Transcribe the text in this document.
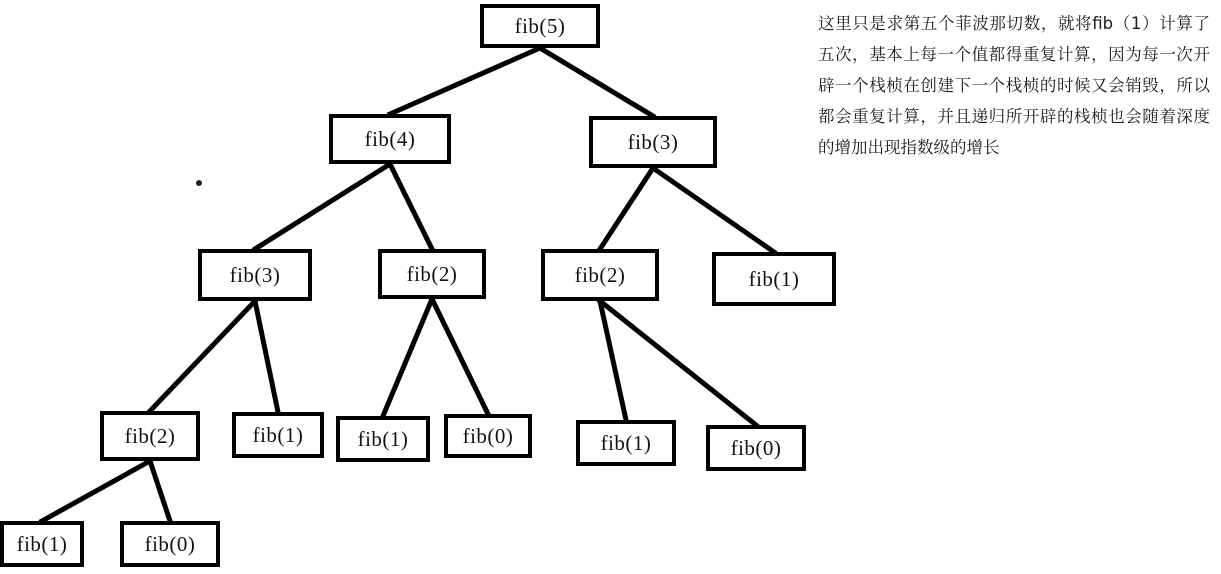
fib(5)
fib(4)	fib(3)
fib(3)	fib(2)	fib(2)	fib(1)
fib(2)	fib(1)	fib(1)	fib(0)	fib(1)	fib(0)
fib(1)	fib(0)
这里只是求第五个菲波那切数，就将fib（1）计算了五次，基本上每一个值都得重复计算，因为每一次开辟一个栈桢在创建下一个栈桢的时候又会销毁，所以都会重复计算，并且递归所开辟的栈桢也会随着深度的增加出现指数级的增长
